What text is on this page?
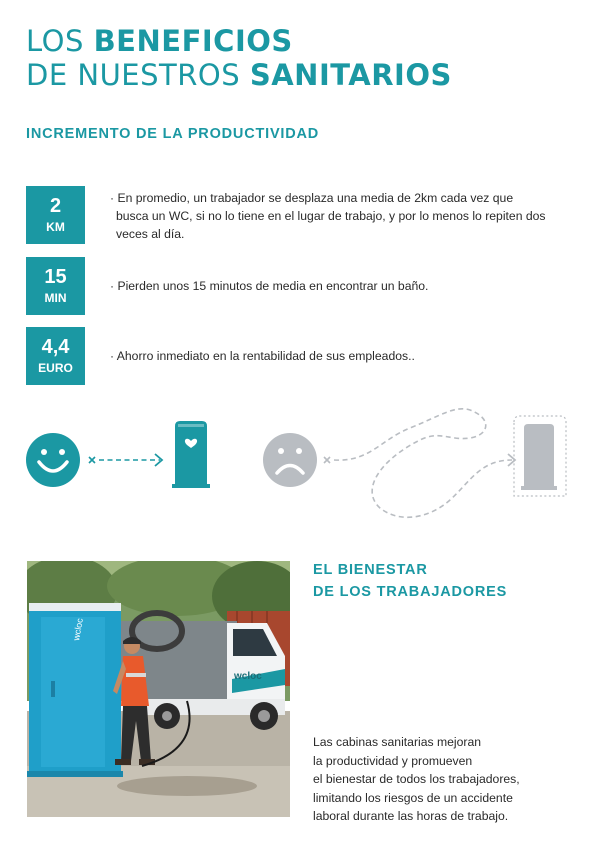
LOS BENEFICIOS
DE NUESTROS SANITARIOS
INCREMENTO DE LA PRODUCTIVIDAD
2
KM
· En promedio, un trabajador se desplaza una media de 2km cada vez que busca un WC, si no lo tiene en el lugar de trabajo, y por lo menos lo repiten dos veces al día.
15
MIN
· Pierden unos 15 minutos de media en encontrar un baño.
4,4
EURO
· Ahorro inmediato en la rentabilidad de sus empleados..
wcloc
wcloc
EL BIENESTAR
DE LOS TRABAJADORES
Las cabinas sanitarias mejoran
la productividad y promueven
el bienestar de todos los trabajadores,
limitando los riesgos de un accidente
laboral durante las horas de trabajo.
